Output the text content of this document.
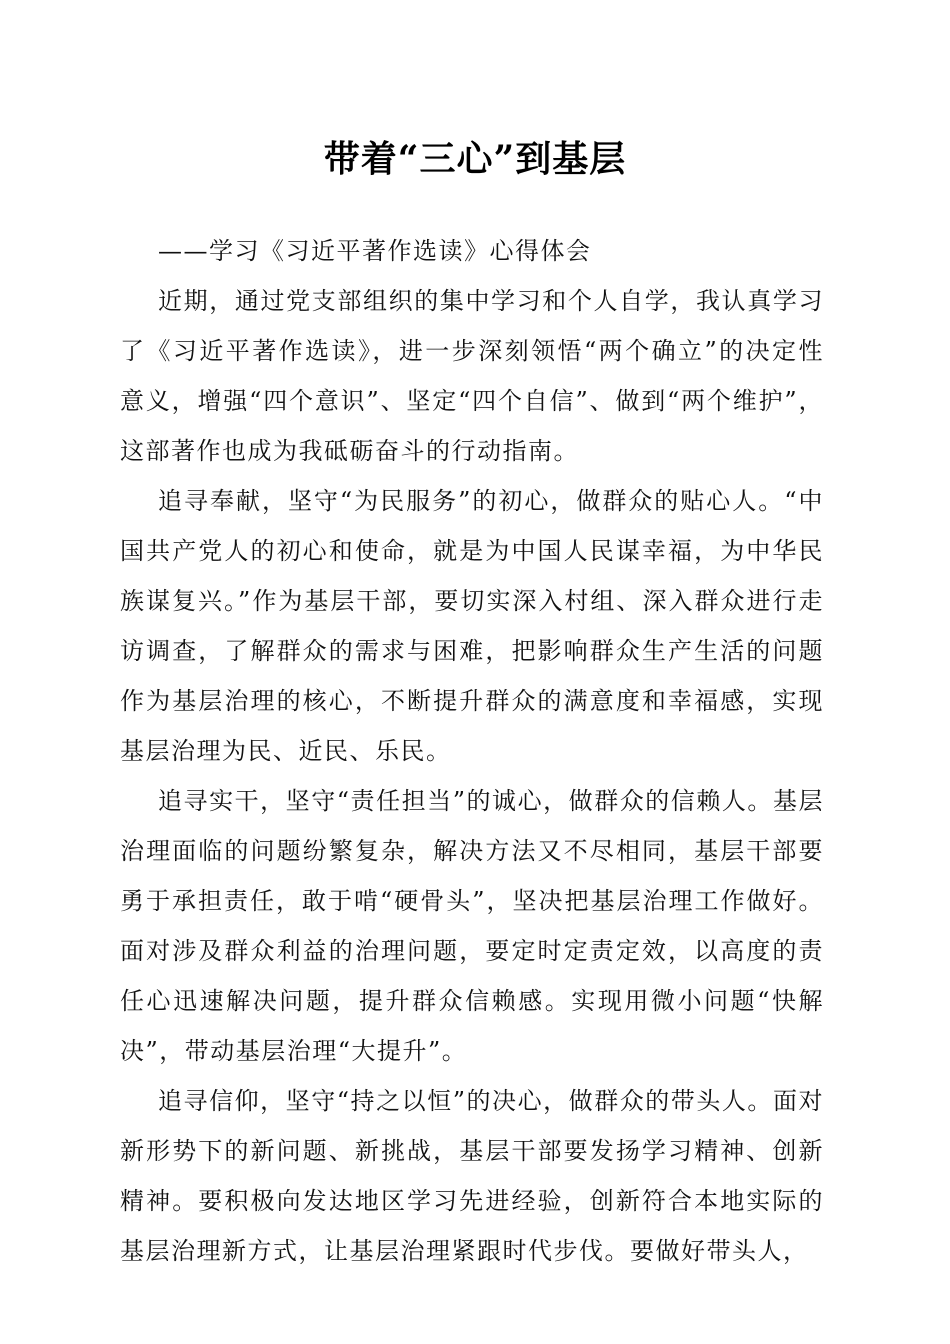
带着“三心”到基层

——学习《习近平著作选读》心得体会

近期，通过党支部组织的集中学习和个人自学，我认真学习了《习近平著作选读》，进一步深刻领悟“两个确立”的决定性意义，增强“四个意识”、坚定“四个自信”、做到“两个维护”，这部著作也成为我砥砺奋斗的行动指南。

追寻奉献，坚守“为民服务”的初心，做群众的贴心人。“中国共产党人的初心和使命，就是为中国人民谋幸福，为中华民族谋复兴。”作为基层干部，要切实深入村组、深入群众进行走访调查，了解群众的需求与困难，把影响群众生产生活的问题作为基层治理的核心，不断提升群众的满意度和幸福感，实现基层治理为民、近民、乐民。

追寻实干，坚守“责任担当”的诚心，做群众的信赖人。基层治理面临的问题纷繁复杂，解决方法又不尽相同，基层干部要勇于承担责任，敢于啃“硬骨头”，坚决把基层治理工作做好。面对涉及群众利益的治理问题，要定时定责定效，以高度的责任心迅速解决问题，提升群众信赖感。实现用微小问题“快解决”，带动基层治理“大提升”。

追寻信仰，坚守“持之以恒”的决心，做群众的带头人。面对新形势下的新问题、新挑战，基层干部要发扬学习精神、创新精神。要积极向发达地区学习先进经验，创新符合本地实际的基层治理新方式，让基层治理紧跟时代步伐。要做好带头人，
